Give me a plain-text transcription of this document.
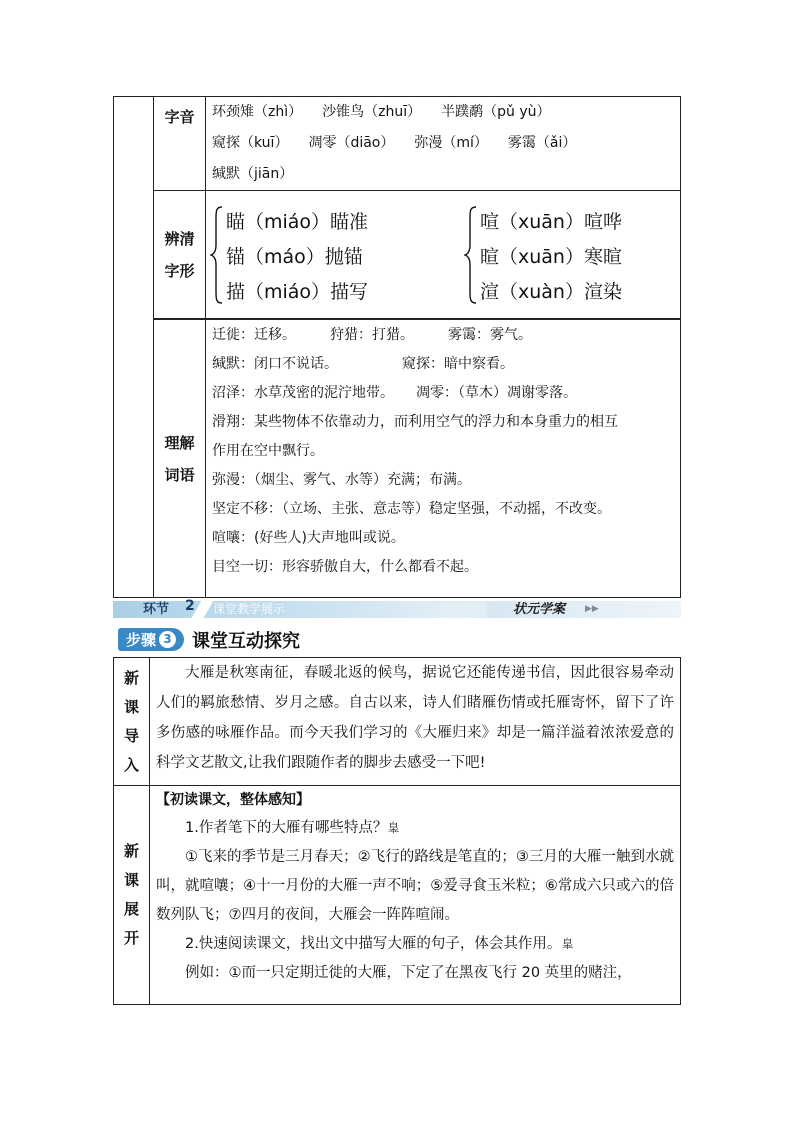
字音 环颈雉（zhì） 沙锥鸟（zhuī） 半蹼鹬（pǔ yù）
窥探（kuī） 凋零（diāo） 弥漫（mí） 雾霭（ǎi）
缄默（jiān）
辨清
字形
瞄（miáo）瞄准
锚（máo）抛锚
描（miáo）描写
喧（xuān）喧哗
暄（xuān）寒暄
渲（xuàn）渲染
理解
词语
迁徙：迁移。 狩猎：打猎。 雾霭：雾气。
缄默：闭口不说话。	窥探：暗中察看。
沼泽：水草茂密的泥泞地带。 凋零：（草木）凋谢零落。
滑翔：某些物体不依靠动力，而利用空气的浮力和本身重力的相互
作用在空中飘行。
弥漫：（烟尘、雾气、水等）充满；布满。
坚定不移：（立场、主张、意志等）稳定坚强，不动摇，不改变。
喧嚷：(好些人)大声地叫或说。
目空一切：形容骄傲自大，什么都看不起。
环节 2 课堂教学展示	状元学案 ▶▶
步骤 3 课堂互动探究
新
课
导
入

大雁是秋寒南征，春暖北返的候鸟，据说它还能传递书信，因此很容易牵动人们的羁旅愁情、岁月之感。自古以来，诗人们睹雁伤情或托雁寄怀，留下了许多伤感的咏雁作品。而今天我们学习的《大雁归来》却是一篇洋溢着浓浓爱意的科学文艺散文,让我们跟随作者的脚步去感受一下吧!

新
课
展
开

【初读课文，整体感知】

1.作者笔下的大雁有哪些特点？𦤎

①飞来的季节是三月春天；②飞行的路线是笔直的；③三月的大雁一触到水就叫，就喧嚷；④十一月份的大雁一声不响；⑤爱寻食玉米粒；⑥常成六只或六的倍数列队飞；⑦四月的夜间，大雁会一阵阵喧闹。

2.快速阅读课文，找出文中描写大雁的句子，体会其作用。𦤎

例如：①而一只定期迁徙的大雁，下定了在黑夜飞行 20 英里的赌注，
